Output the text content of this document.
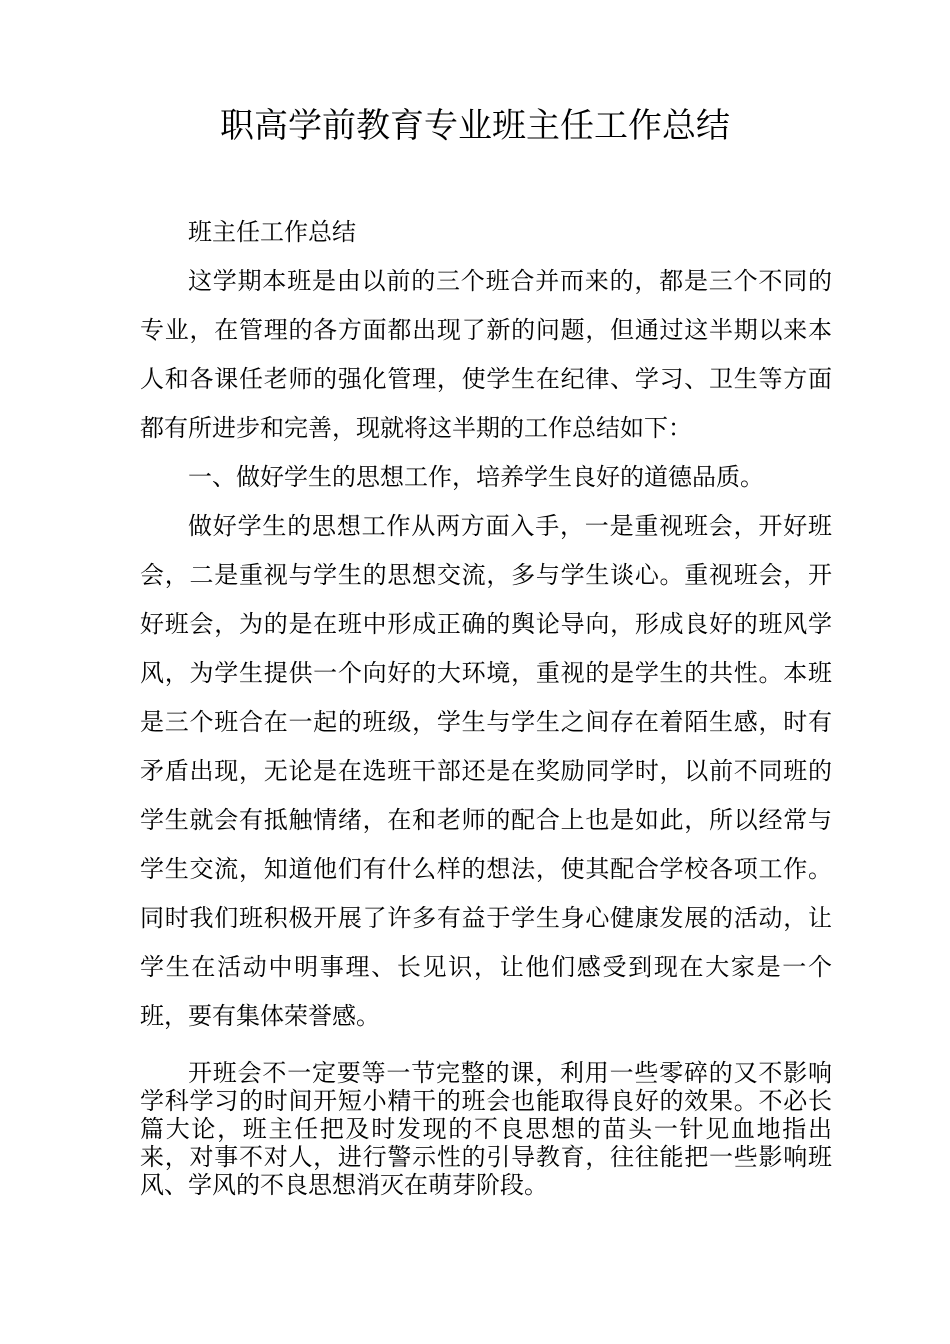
职高学前教育专业班主任工作总结

班主任工作总结

这学期本班是由以前的三个班合并而来的，都是三个不同的专业，在管理的各方面都出现了新的问题，但通过这半期以来本人和各课任老师的强化管理，使学生在纪律、学习、卫生等方面都有所进步和完善，现就将这半期的工作总结如下：

一、做好学生的思想工作，培养学生良好的道德品质。

做好学生的思想工作从两方面入手，一是重视班会，开好班会，二是重视与学生的思想交流，多与学生谈心。重视班会，开好班会，为的是在班中形成正确的舆论导向，形成良好的班风学风，为学生提供一个向好的大环境，重视的是学生的共性。本班是三个班合在一起的班级，学生与学生之间存在着陌生感，时有矛盾出现，无论是在选班干部还是在奖励同学时，以前不同班的学生就会有抵触情绪，在和老师的配合上也是如此，所以经常与学生交流，知道他们有什么样的想法，使其配合学校各项工作。同时我们班积极开展了许多有益于学生身心健康发展的活动，让学生在活动中明事理、长见识，让他们感受到现在大家是一个班，要有集体荣誉感。

开班会不一定要等一节完整的课，利用一些零碎的又不影响学科学习的时间开短小精干的班会也能取得良好的效果。不必长篇大论，班主任把及时发现的不良思想的苗头一针见血地指出来，对事不对人，进行警示性的引导教育，往往能把一些影响班风、学风的不良思想消灭在萌芽阶段。
